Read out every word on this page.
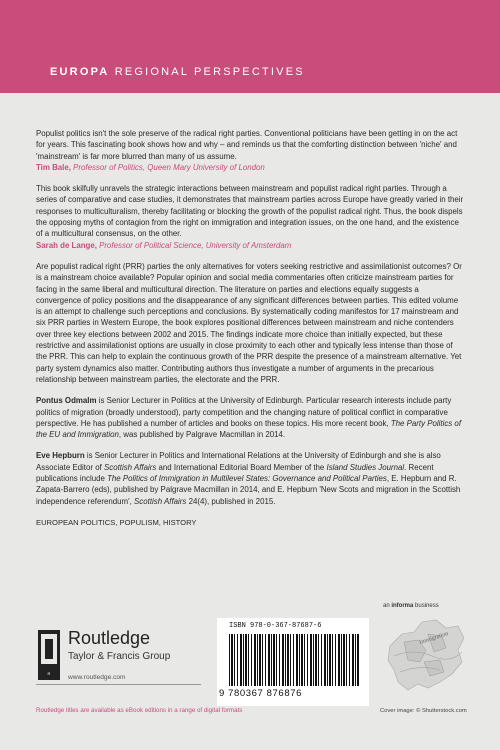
EUROPA REGIONAL PERSPECTIVES

Populist politics isn't the sole preserve of the radical right parties. Conventional politicians have been getting in on the act for years. This fascinating book shows how and why – and reminds us that the comforting distinction between 'niche' and 'mainstream' is far more blurred than many of us assume.
Tim Bale, Professor of Politics, Queen Mary University of London

This book skilfully unravels the strategic interactions between mainstream and populist radical right parties. Through a series of comparative and case studies, it demonstrates that mainstream parties across Europe have greatly varied in their responses to multiculturalism, thereby facilitating or blocking the growth of the populist radical right. Thus, the book dispels the opposing myths of contagion from the right on immigration and integration issues, on the one hand, and the existence of a multicultural consensus, on the other.
Sarah de Lange, Professor of Political Science, University of Amsterdam

Are populist radical right (PRR) parties the only alternatives for voters seeking restrictive and assimilationist outcomes? Or is a mainstream choice available? Popular opinion and social media commentaries often criticize mainstream parties for facing in the same liberal and multicultural direction. The literature on parties and elections equally suggests a convergence of policy positions and the disappearance of any significant differences between parties. This edited volume is an attempt to challenge such perceptions and conclusions. By systematically coding manifestos for 17 mainstream and six PRR parties in Western Europe, the book explores positional differences between mainstream and niche contenders over three key elections between 2002 and 2015. The findings indicate more choice than initially expected, but these restrictive and assimilationist options are usually in close proximity to each other and typically less intense than those of the PRR. This can help to explain the continuous growth of the PRR despite the presence of a mainstream alternative. Yet party system dynamics also matter. Contributing authors thus investigate a number of arguments in the precarious relationship between mainstream parties, the electorate and the PRR.

Pontus Odmalm is Senior Lecturer in Politics at the University of Edinburgh. Particular research interests include party politics of migration (broadly understood), party competition and the changing nature of political conflict in comparative perspective. He has published a number of articles and books on these topics. His more recent book, The Party Politics of the EU and Immigration, was published by Palgrave Macmillan in 2014.

Eve Hepburn is Senior Lecturer in Politics and International Relations at the University of Edinburgh and she is also Associate Editor of Scottish Affairs and International Editorial Board Member of the Island Studies Journal. Recent publications include The Politics of Immigration in Multilevel States: Governance and Political Parties, E. Hepburn and R. Zapata-Barrero (eds), published by Palgrave Macmillan in 2014, and E. Hepburn 'New Scots and migration in the Scottish independence referendum', Scottish Affairs 24(4), published in 2015.

EUROPEAN POLITICS, POPULISM, HISTORY

an informa business
ISBN 978-0-367-87687-6
9 780367 876876
Immigration
Cover image: © Shutterstock.com
R
Routledge
Taylor & Francis Group
www.routledge.com
Routledge titles are available as eBook editions in a range of digital formats
